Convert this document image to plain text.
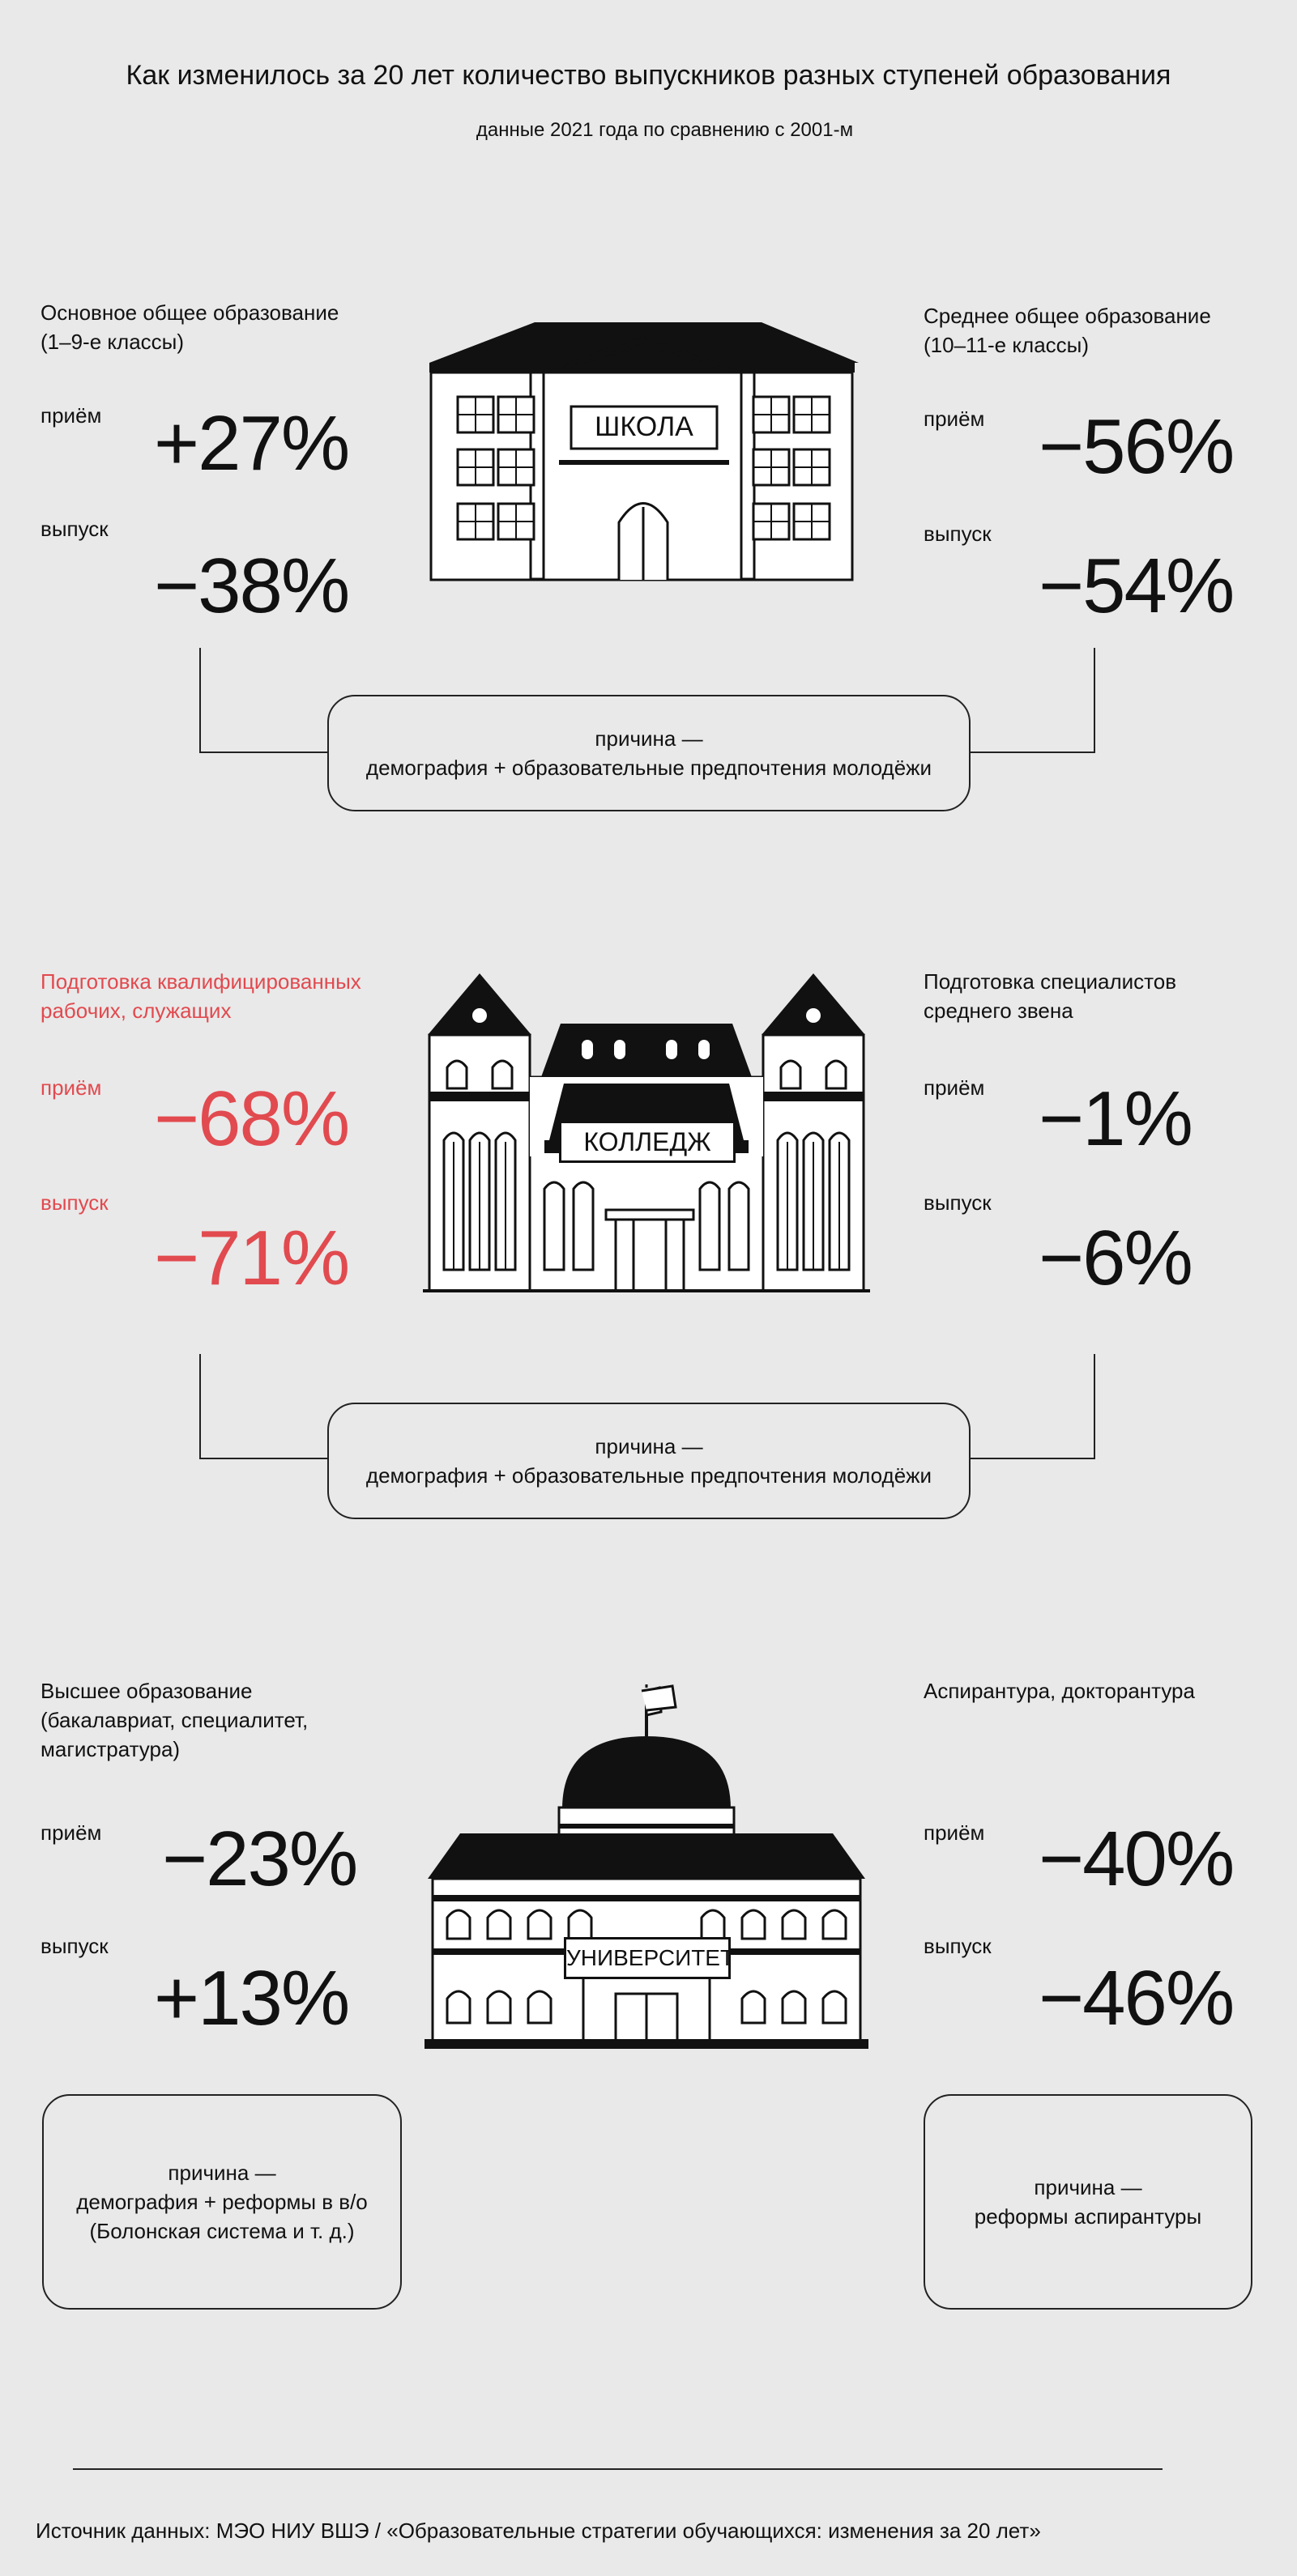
Как изменилось за 20 лет количество выпускников разных ступеней образования
данные 2021 года по сравнению с 2001-м
Основное общее образование
(1–9-е классы)
приём +27%
выпуск
−38%
Среднее общее образование
(10–11-е классы)
приём −56%
выпуск
−54%
ШКОЛА
причина —
демография + образовательные предпочтения молодёжи
Подготовка квалифицированных
рабочих, служащих
приём −68%
выпуск
−71%
Подготовка специалистов
среднего звена
приём −1%
выпуск
−6%
КОЛЛЕДЖ
причина —
демография + образовательные предпочтения молодёжи
Высшее образование
(бакалавриат, специалитет,
магистратура)
приём −23%
выпуск
+13%
Аспирантура, докторантура
приём −40%
выпуск
−46%
УНИВЕРСИТЕТ
причина —
демография + реформы в в/о
(Болонская система и т. д.)
причина —
реформы аспирантуры
Источник данных: МЭО НИУ ВШЭ / «Образовательные стратегии обучающихся: изменения за 20 лет»
